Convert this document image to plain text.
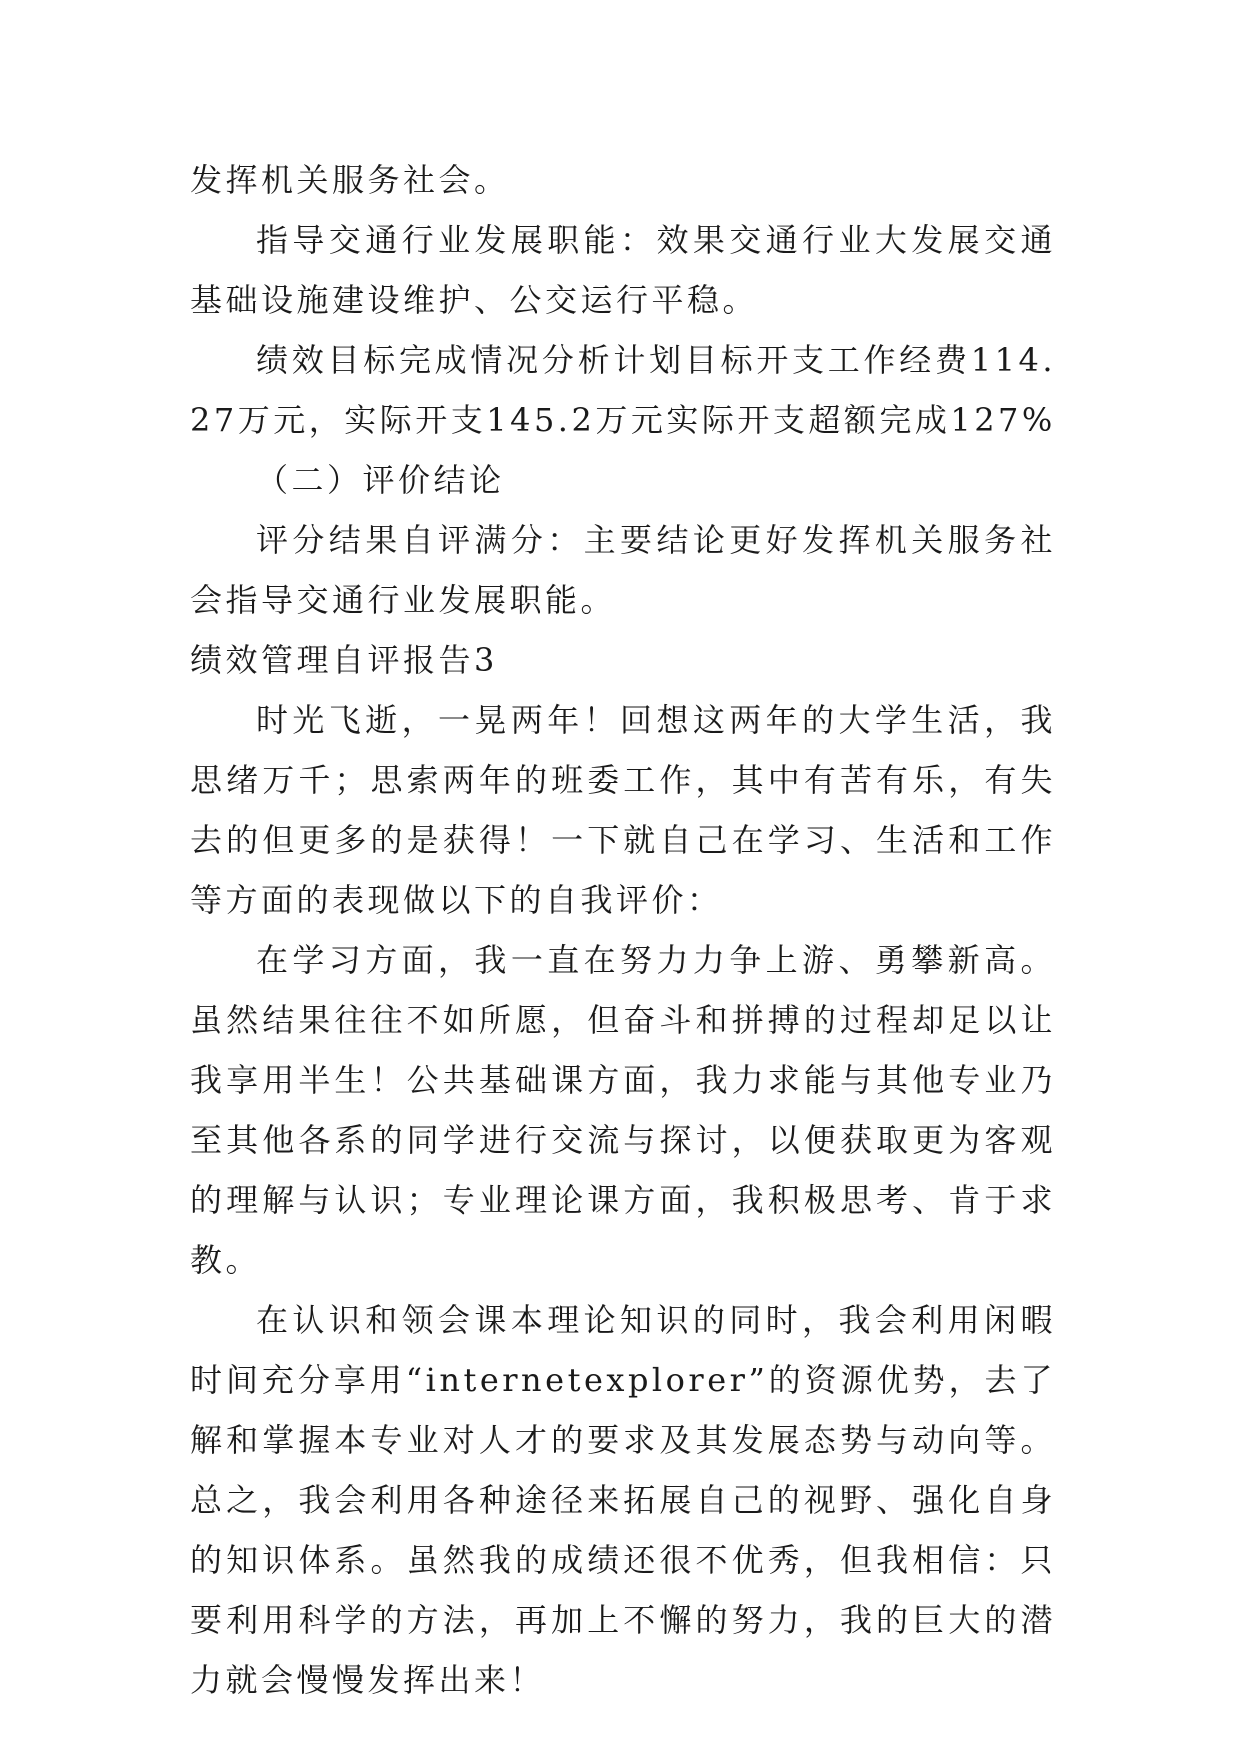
发挥机关服务社会。

指导交通行业发展职能：效果交通行业大发展交通基础设施建设维护、公交运行平稳。

绩效目标完成情况分析计划目标开支工作经费114.27万元，实际开支145.2万元实际开支超额完成127%

（二）评价结论

评分结果自评满分：主要结论更好发挥机关服务社会指导交通行业发展职能。

绩效管理自评报告3

时光飞逝，一晃两年！回想这两年的大学生活，我思绪万千；思索两年的班委工作，其中有苦有乐，有失去的但更多的是获得！一下就自己在学习、生活和工作等方面的表现做以下的自我评价：

在学习方面，我一直在努力力争上游、勇攀新高。虽然结果往往不如所愿，但奋斗和拼搏的过程却足以让我享用半生！公共基础课方面，我力求能与其他专业乃至其他各系的同学进行交流与探讨，以便获取更为客观的理解与认识；专业理论课方面，我积极思考、肯于求教。

在认识和领会课本理论知识的同时，我会利用闲暇时间充分享用“internetexplorer”的资源优势，去了解和掌握本专业对人才的要求及其发展态势与动向等。总之，我会利用各种途径来拓展自己的视野、强化自身的知识体系。虽然我的成绩还很不优秀，但我相信：只要利用科学的方法，再加上不懈的努力，我的巨大的潜力就会慢慢发挥出来！
